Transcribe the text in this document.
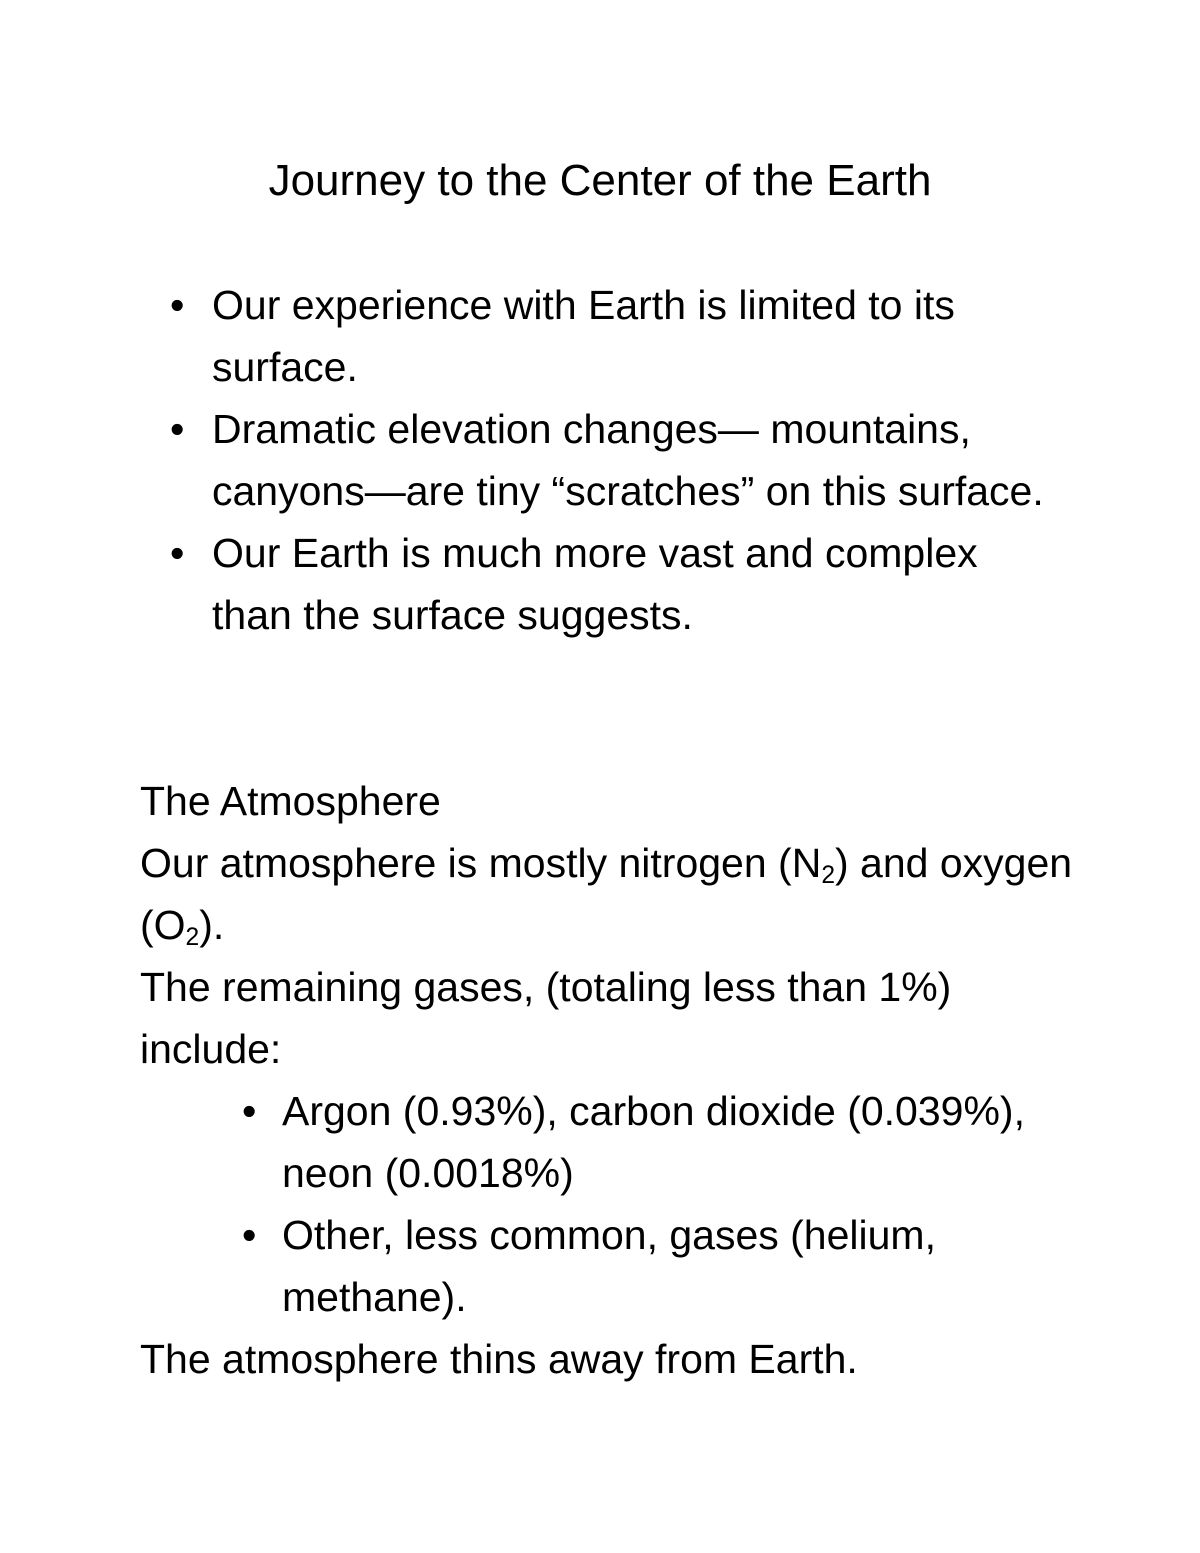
Journey to the Center of the Earth
• Our experience with Earth is limited to its surface.
• Dramatic elevation changes— mountains, canyons—are tiny “scratches” on this surface.
• Our Earth is much more vast and complex than the surface suggests.

The Atmosphere

Our atmosphere is mostly nitrogen $(N_2)$ and oxygen $(O_2)$.

The remaining gases, (totaling less than 1%) include:

• Argon (0.93%), carbon dioxide (0.039%), neon (0.0018%)
• Other, less common, gases (helium, methane).

The atmosphere thins away from Earth.
